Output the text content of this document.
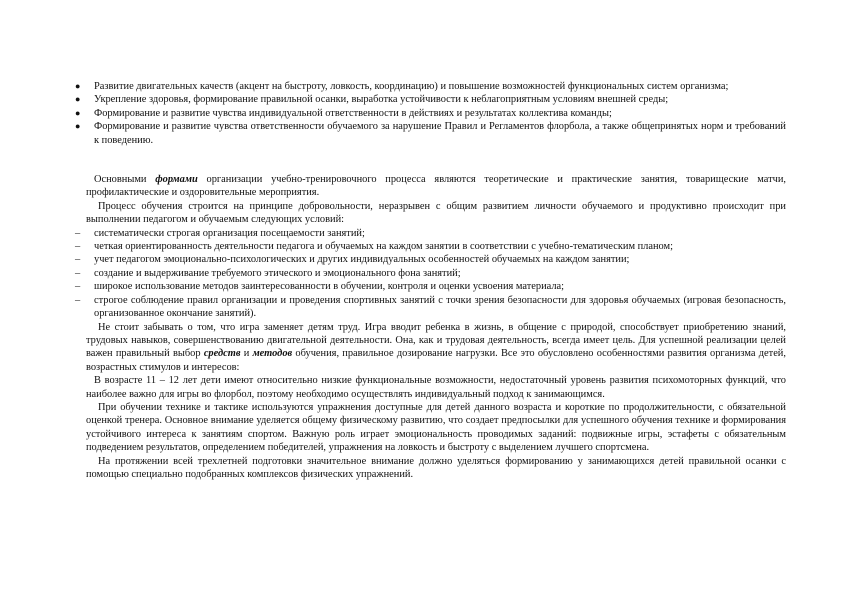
● Развитие двигательных качеств (акцент на быстроту, ловкость, координацию) и повышение возможностей функциональных систем организма;
● Укрепление здоровья, формирование правильной осанки, выработка устойчивости к неблагоприятным условиям внешней среды;
● Формирование и развитие чувства индивидуальной ответственности в действиях и результатах коллектива команды;
● Формирование и развитие чувства ответственности обучаемого за нарушение Правил и Регламентов флорбола, а также общепринятых норм и требований к поведению.

Основными формами организации учебно-тренировочного процесса являются теоретические и практические занятия, товарищеские матчи, профилактические и оздоровительные мероприятия.

Процесс обучения строится на принципе добровольности, неразрывен с общим развитием личности обучаемого и продуктивно происходит при выполнении педагогом и обучаемым следующих условий:

– систематически строгая организация посещаемости занятий;
– четкая ориентированность деятельности педагога и обучаемых на каждом занятии в соответствии с учебно-тематическим планом;
– учет педагогом эмоционально-психологических и других индивидуальных особенностей обучаемых на каждом занятии;
– создание и выдерживание требуемого этического и эмоционального фона занятий;
– широкое использование методов заинтересованности в обучении, контроля и оценки усвоения материала;
– строгое соблюдение правил организации и проведения спортивных занятий с точки зрения безопасности для здоровья обучаемых (игровая безопасность, организованное окончание занятий).

Не стоит забывать о том, что игра заменяет детям труд. Игра вводит ребенка в жизнь, в общение с природой, способствует приобретению знаний, трудовых навыков, совершенствованию двигательной деятельности. Она, как и трудовая деятельность, всегда имеет цель. Для успешной реализации целей важен правильный выбор средств и методов обучения, правильное дозирование нагрузки. Все это обусловлено особенностями развития организма детей, возрастных стимулов и интересов:

В возрасте 11 – 12 лет дети имеют относительно низкие функциональные возможности, недостаточный уровень развития психомоторных функций, что наиболее важно для игры во флорбол, поэтому необходимо осуществлять индивидуальный подход к занимающимся.

При обучении технике и тактике используются упражнения доступные для детей данного возраста и короткие по продолжительности, с обязательной оценкой тренера. Основное внимание уделяется общему физическому развитию, что создает предпосылки для успешного обучения технике и формирования устойчивого интереса к занятиям спортом. Важную роль играет эмоциональность проводимых заданий: подвижные игры, эстафеты с обязательным подведением результатов, определением победителей, упражнения на ловкость и быстроту с выделением лучшего спортсмена.

На протяжении всей трехлетней подготовки значительное внимание должно уделяться формированию у занимающихся детей правильной осанки с помощью специально подобранных комплексов физических упражнений.
